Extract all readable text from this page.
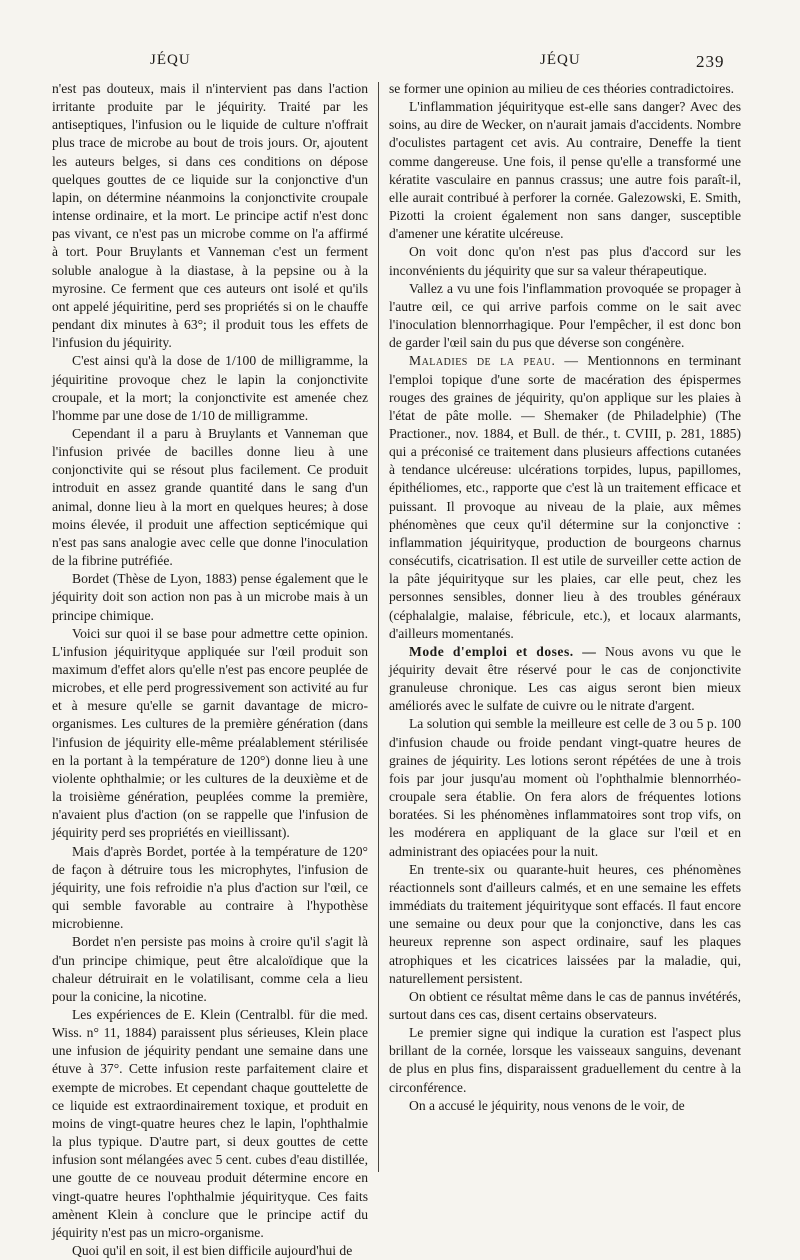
JÉQU	JÉQU	239

n'est pas douteux, mais il n'intervient pas dans l'action irritante produite par le jéquirity. Traité par les antiseptiques, l'infusion ou le liquide de culture n'offrait plus trace de microbe au bout de trois jours. Or, ajoutent les auteurs belges, si dans ces conditions on dépose quelques gouttes de ce liquide sur la conjonctive d'un lapin, on détermine néanmoins la conjonctivite croupale intense ordinaire, et la mort. Le principe actif n'est donc pas vivant, ce n'est pas un microbe comme on l'a affirmé à tort. Pour Bruylants et Vanneman c'est un ferment soluble analogue à la diastase, à la pepsine ou à la myrosine. Ce ferment que ces auteurs ont isolé et qu'ils ont appelé jéquiritine, perd ses propriétés si on le chauffe pendant dix minutes à 63°; il produit tous les effets de l'infusion du jéquirity.

C'est ainsi qu'à la dose de 1/100 de milligramme, la jéquiritine provoque chez le lapin la conjonctivite croupale, et la mort; la conjonctivite est amenée chez l'homme par une dose de 1/10 de milligramme.

Cependant il a paru à Bruylants et Vanneman que l'infusion privée de bacilles donne lieu à une conjonctivite qui se résout plus facilement. Ce produit introduit en assez grande quantité dans le sang d'un animal, donne lieu à la mort en quelques heures; à dose moins élevée, il produit une affection septicémique qui n'est pas sans analogie avec celle que donne l'inoculation de la fibrine putréfiée.

Bordet (Thèse de Lyon, 1883) pense également que le jéquirity doit son action non pas à un microbe mais à un principe chimique.

Voici sur quoi il se base pour admettre cette opinion. L'infusion jéquirityque appliquée sur l'œil produit son maximum d'effet alors qu'elle n'est pas encore peuplée de microbes, et elle perd progressivement son activité au fur et à mesure qu'elle se garnit davantage de micro-organismes. Les cultures de la première génération (dans l'infusion de jéquirity elle-même préalablement stérilisée en la portant à la température de 120°) donne lieu à une violente ophthalmie; or les cultures de la deuxième et de la troisième génération, peuplées comme la première, n'avaient plus d'action (on se rappelle que l'infusion de jéquirity perd ses propriétés en vieillissant).

Mais d'après Bordet, portée à la température de 120° de façon à détruire tous les microphytes, l'infusion de jéquirity, une fois refroidie n'a plus d'action sur l'œil, ce qui semble favorable au contraire à l'hypothèse microbienne.

Bordet n'en persiste pas moins à croire qu'il s'agit là d'un principe chimique, peut être alcaloïdique que la chaleur détruirait en le volatilisant, comme cela a lieu pour la conicine, la nicotine.

Les expériences de E. Klein (Centralbl. für die med. Wiss. n° 11, 1884) paraissent plus sérieuses, Klein place une infusion de jéquirity pendant une semaine dans une étuve à 37°. Cette infusion reste parfaitement claire et exempte de microbes. Et cependant chaque gouttelette de ce liquide est extraordinairement toxique, et produit en moins de vingt-quatre heures chez le lapin, l'ophthalmie la plus typique. D'autre part, si deux gouttes de cette infusion sont mélangées avec 5 cent. cubes d'eau distillée, une goutte de ce nouveau produit détermine encore en vingt-quatre heures l'ophthalmie jéquirityque. Ces faits amènent Klein à conclure que le principe actif du jéquirity n'est pas un micro-organisme.

Quoi qu'il en soit, il est bien difficile aujourd'hui de

se former une opinion au milieu de ces théories contradictoires.

L'inflammation jéquirityque est-elle sans danger? Avec des soins, au dire de Wecker, on n'aurait jamais d'accidents. Nombre d'oculistes partagent cet avis. Au contraire, Deneffe la tient comme dangereuse. Une fois, il pense qu'elle a transformé une kératite vasculaire en pannus crassus; une autre fois paraît-il, elle aurait contribué à perforer la cornée. Galezowski, E. Smith, Pizotti la croient également non sans danger, susceptible d'amener une kératite ulcéreuse.

On voit donc qu'on n'est pas plus d'accord sur les inconvénients du jéquirity que sur sa valeur thérapeutique.

Vallez a vu une fois l'inflammation provoquée se propager à l'autre œil, ce qui arrive parfois comme on le sait avec l'inoculation blennorrhagique. Pour l'empêcher, il est donc bon de garder l'œil sain du pus que déverse son congénère.

Maladies de la peau. — Mentionnons en terminant l'emploi topique d'une sorte de macération des épispermes rouges des graines de jéquirity, qu'on applique sur les plaies à l'état de pâte molle. — Shemaker (de Philadelphie) (The Practioner., nov. 1884, et Bull. de thér., t. CVIII, p. 281, 1885) qui a préconisé ce traitement dans plusieurs affections cutanées à tendance ulcéreuse: ulcérations torpides, lupus, papillomes, épithéliomes, etc., rapporte que c'est là un traitement efficace et puissant. Il provoque au niveau de la plaie, aux mêmes phénomènes que ceux qu'il détermine sur la conjonctive : inflammation jéquirityque, production de bourgeons charnus consécutifs, cicatrisation. Il est utile de surveiller cette action de la pâte jéquirityque sur les plaies, car elle peut, chez les personnes sensibles, donner lieu à des troubles généraux (céphalalgie, malaise, fébricule, etc.), et locaux alarmants, d'ailleurs momentanés.

Mode d'emploi et doses. — Nous avons vu que le jéquirity devait être réservé pour le cas de conjonctivite granuleuse chronique. Les cas aigus seront bien mieux améliorés avec le sulfate de cuivre ou le nitrate d'argent.

La solution qui semble la meilleure est celle de 3 ou 5 p. 100 d'infusion chaude ou froide pendant vingt-quatre heures de graines de jéquirity. Les lotions seront répétées de une à trois fois par jour jusqu'au moment où l'ophthalmie blennorrhéo-croupale sera établie. On fera alors de fréquentes lotions boratées. Si les phénomènes inflammatoires sont trop vifs, on les modérera en appliquant de la glace sur l'œil et en administrant des opiacées pour la nuit.

En trente-six ou quarante-huit heures, ces phénomènes réactionnels sont d'ailleurs calmés, et en une semaine les effets immédiats du traitement jéquirityque sont effacés. Il faut encore une semaine ou deux pour que la conjonctive, dans les cas heureux reprenne son aspect ordinaire, sauf les plaques atrophiques et les cicatrices laissées par la maladie, qui, naturellement persistent.

On obtient ce résultat même dans le cas de pannus invétérés, surtout dans ces cas, disent certains observateurs.

Le premier signe qui indique la curation est l'aspect plus brillant de la cornée, lorsque les vaisseaux sanguins, devenant de plus en plus fins, disparaissent graduellement du centre à la circonférence.

On a accusé le jéquirity, nous venons de le voir, de
